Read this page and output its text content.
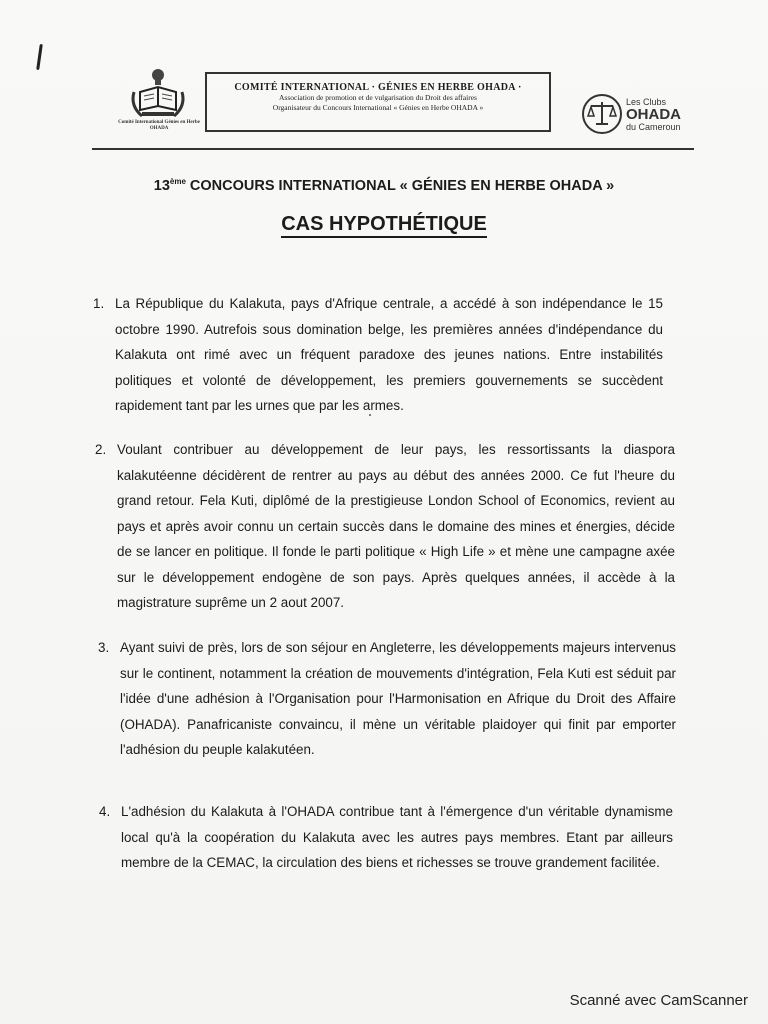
Comité International Génies en Herbe OHADA
COMITÉ INTERNATIONAL · GÉNIES EN HERBE OHADA ·
Association de promotion et de vulgarisation du Droit des affaires
Organisateur du Concours International « Génies en Herbe OHADA »
Les Clubs
OHADA
du Cameroun
13ème CONCOURS INTERNATIONAL « GÉNIES EN HERBE OHADA »
CAS HYPOTHÉTIQUE
1. La République du Kalakuta, pays d'Afrique centrale, a accédé à son indépendance le 15 octobre 1990. Autrefois sous domination belge, les premières années d'indépendance du Kalakuta ont rimé avec un fréquent paradoxe des jeunes nations. Entre instabilités politiques et volonté de développement, les premiers gouvernements se succèdent rapidement tant par les urnes que par les armes.
2. Voulant contribuer au développement de leur pays, les ressortissants la diaspora kalakutéenne décidèrent de rentrer au pays au début des années 2000. Ce fut l'heure du grand retour. Fela Kuti, diplômé de la prestigieuse London School of Economics, revient au pays et après avoir connu un certain succès dans le domaine des mines et énergies, décide de se lancer en politique. Il fonde le parti politique « High Life » et mène une campagne axée sur le développement endogène de son pays. Après quelques années, il accède à la magistrature suprême un 2 aout 2007.
3. Ayant suivi de près, lors de son séjour en Angleterre, les développements majeurs intervenus sur le continent, notamment la création de mouvements d'intégration, Fela Kuti est séduit par l'idée d'une adhésion à l'Organisation pour l'Harmonisation en Afrique du Droit des Affaire (OHADA). Panafricaniste convaincu, il mène un véritable plaidoyer qui finit par emporter l'adhésion du peuple kalakutéen.
4. L'adhésion du Kalakuta à l'OHADA contribue tant à l'émergence d'un véritable dynamisme local qu'à la coopération du Kalakuta avec les autres pays membres. Etant par ailleurs membre de la CEMAC, la circulation des biens et richesses se trouve grandement facilitée.
Scanné avec CamScanner
